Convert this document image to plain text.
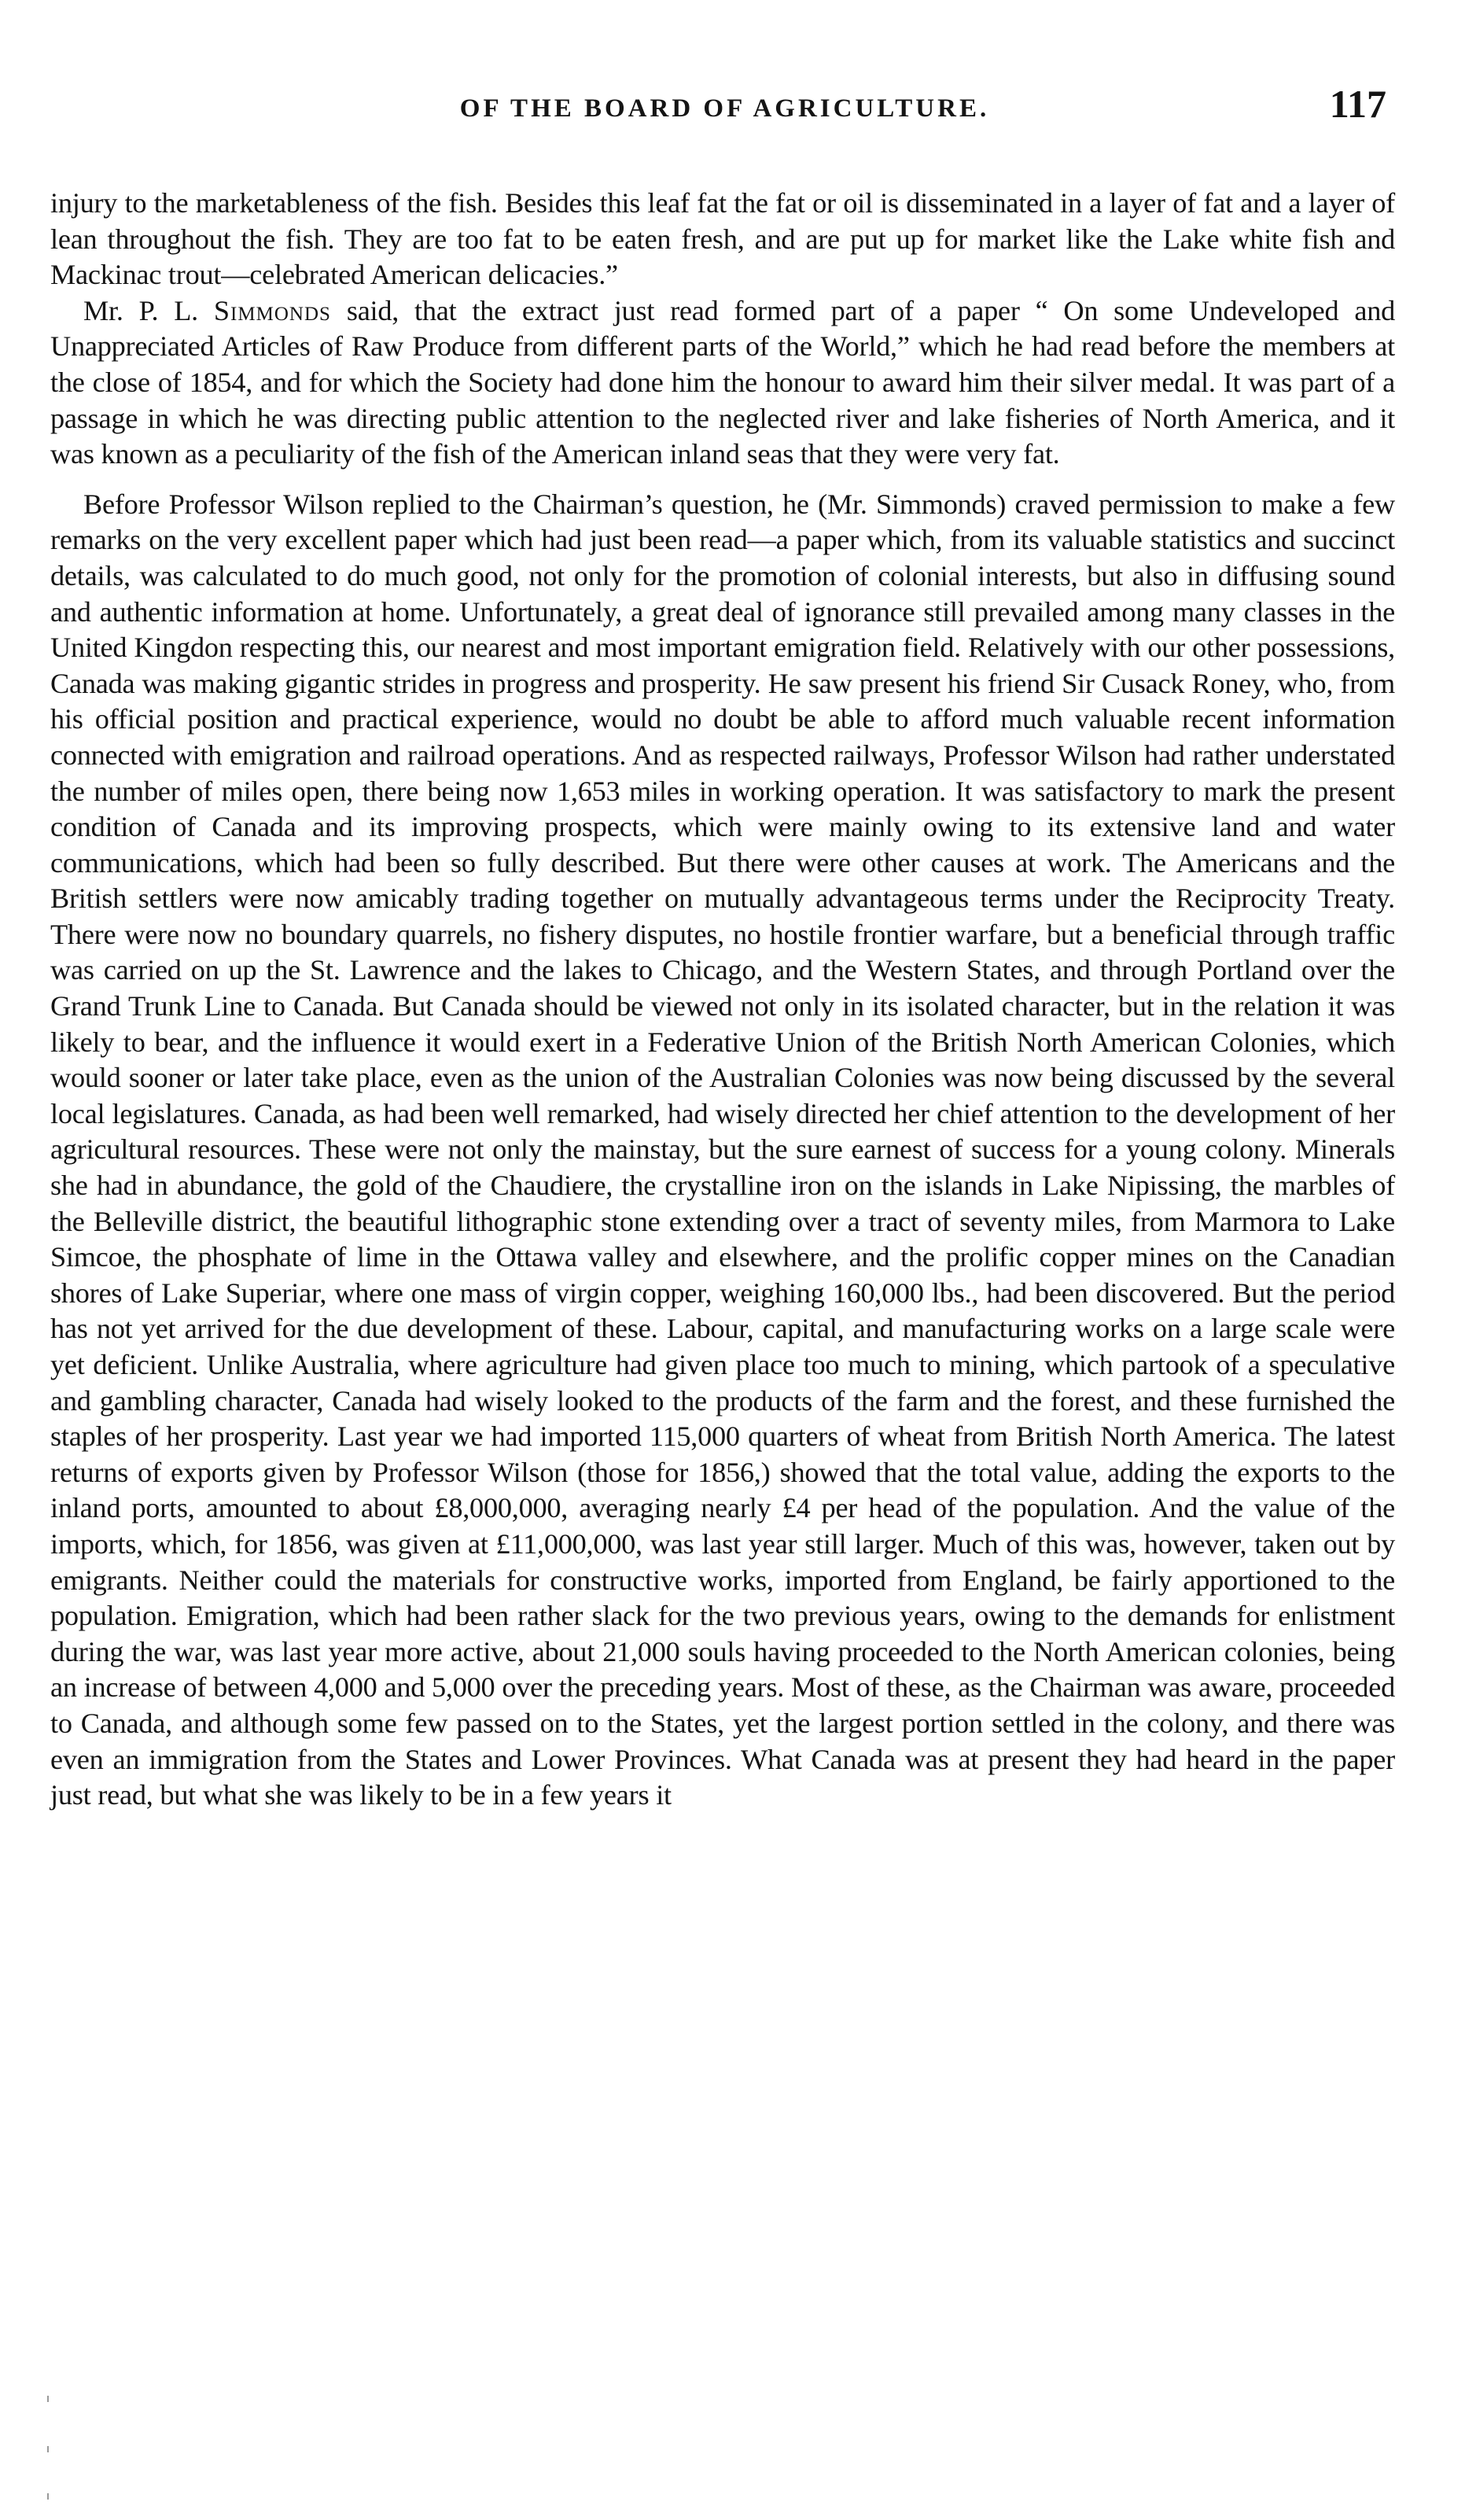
OF THE BOARD OF AGRICULTURE.	117

injury to the marketableness of the fish. Besides this leaf fat the fat or oil is disseminated in a layer of fat and a layer of lean throughout the fish. They are too fat to be eaten fresh, and are put up for market like the Lake white fish and Mackinac trout—celebrated American delicacies.”

Mr. P. L. Simmonds said, that the extract just read formed part of a paper “ On some Undeveloped and Unappreciated Articles of Raw Produce from different parts of the World,” which he had read before the members at the close of 1854, and for which the Society had done him the honour to award him their silver medal. It was part of a passage in which he was directing public attention to the neglected river and lake fisheries of North America, and it was known as a peculiarity of the fish of the American inland seas that they were very fat.

Before Professor Wilson replied to the Chairman’s question, he (Mr. Simmonds) craved permission to make a few remarks on the very excellent paper which had just been read—a paper which, from its valuable statistics and succinct details, was calculated to do much good, not only for the promotion of colonial interests, but also in diffusing sound and authentic information at home. Unfortunately, a great deal of ignorance still prevailed among many classes in the United Kingdon respecting this, our nearest and most important emigration field. Relatively with our other possessions, Canada was making gigantic strides in progress and prosperity. He saw present his friend Sir Cusack Roney, who, from his official position and practical experience, would no doubt be able to afford much valuable recent information connected with emigration and railroad operations. And as respected railways, Professor Wilson had rather understated the number of miles open, there being now 1,653 miles in working operation. It was satisfactory to mark the present condition of Canada and its improving prospects, which were mainly owing to its extensive land and water communications, which had been so fully described. But there were other causes at work. The Americans and the British settlers were now amicably trading together on mutually advantageous terms under the Reciprocity Treaty. There were now no boundary quarrels, no fishery disputes, no hostile frontier warfare, but a beneficial through traffic was carried on up the St. Lawrence and the lakes to Chicago, and the Western States, and through Portland over the Grand Trunk Line to Canada. But Canada should be viewed not only in its isolated character, but in the relation it was likely to bear, and the influence it would exert in a Federative Union of the British North American Colonies, which would sooner or later take place, even as the union of the Australian Colonies was now being discussed by the several local legislatures. Canada, as had been well remarked, had wisely directed her chief attention to the development of her agricultural resources. These were not only the mainstay, but the sure earnest of success for a young colony. Minerals she had in abundance, the gold of the Chaudiere, the crystalline iron on the islands in Lake Nipissing, the marbles of the Belleville district, the beautiful lithographic stone extending over a tract of seventy miles, from Marmora to Lake Simcoe, the phosphate of lime in the Ottawa valley and elsewhere, and the prolific copper mines on the Canadian shores of Lake Superiar, where one mass of virgin copper, weighing 160,000 lbs., had been discovered. But the period has not yet arrived for the due development of these. Labour, capital, and manufacturing works on a large scale were yet deficient. Unlike Australia, where agriculture had given place too much to mining, which partook of a speculative and gambling character, Canada had wisely looked to the products of the farm and the forest, and these furnished the staples of her prosperity. Last year we had imported 115,000 quarters of wheat from British North America. The latest returns of exports given by Professor Wilson (those for 1856,) showed that the total value, adding the exports to the inland ports, amounted to about £8,000,000, averaging nearly £4 per head of the population. And the value of the imports, which, for 1856, was given at £11,000,000, was last year still larger. Much of this was, however, taken out by emigrants. Neither could the materials for constructive works, imported from England, be fairly apportioned to the population. Emigration, which had been rather slack for the two previous years, owing to the demands for enlistment during the war, was last year more active, about 21,000 souls having proceeded to the North American colonies, being an increase of between 4,000 and 5,000 over the preceding years. Most of these, as the Chairman was aware, proceeded to Canada, and although some few passed on to the States, yet the largest portion settled in the colony, and there was even an immigration from the States and Lower Provinces. What Canada was at present they had heard in the paper just read, but what she was likely to be in a few years it
